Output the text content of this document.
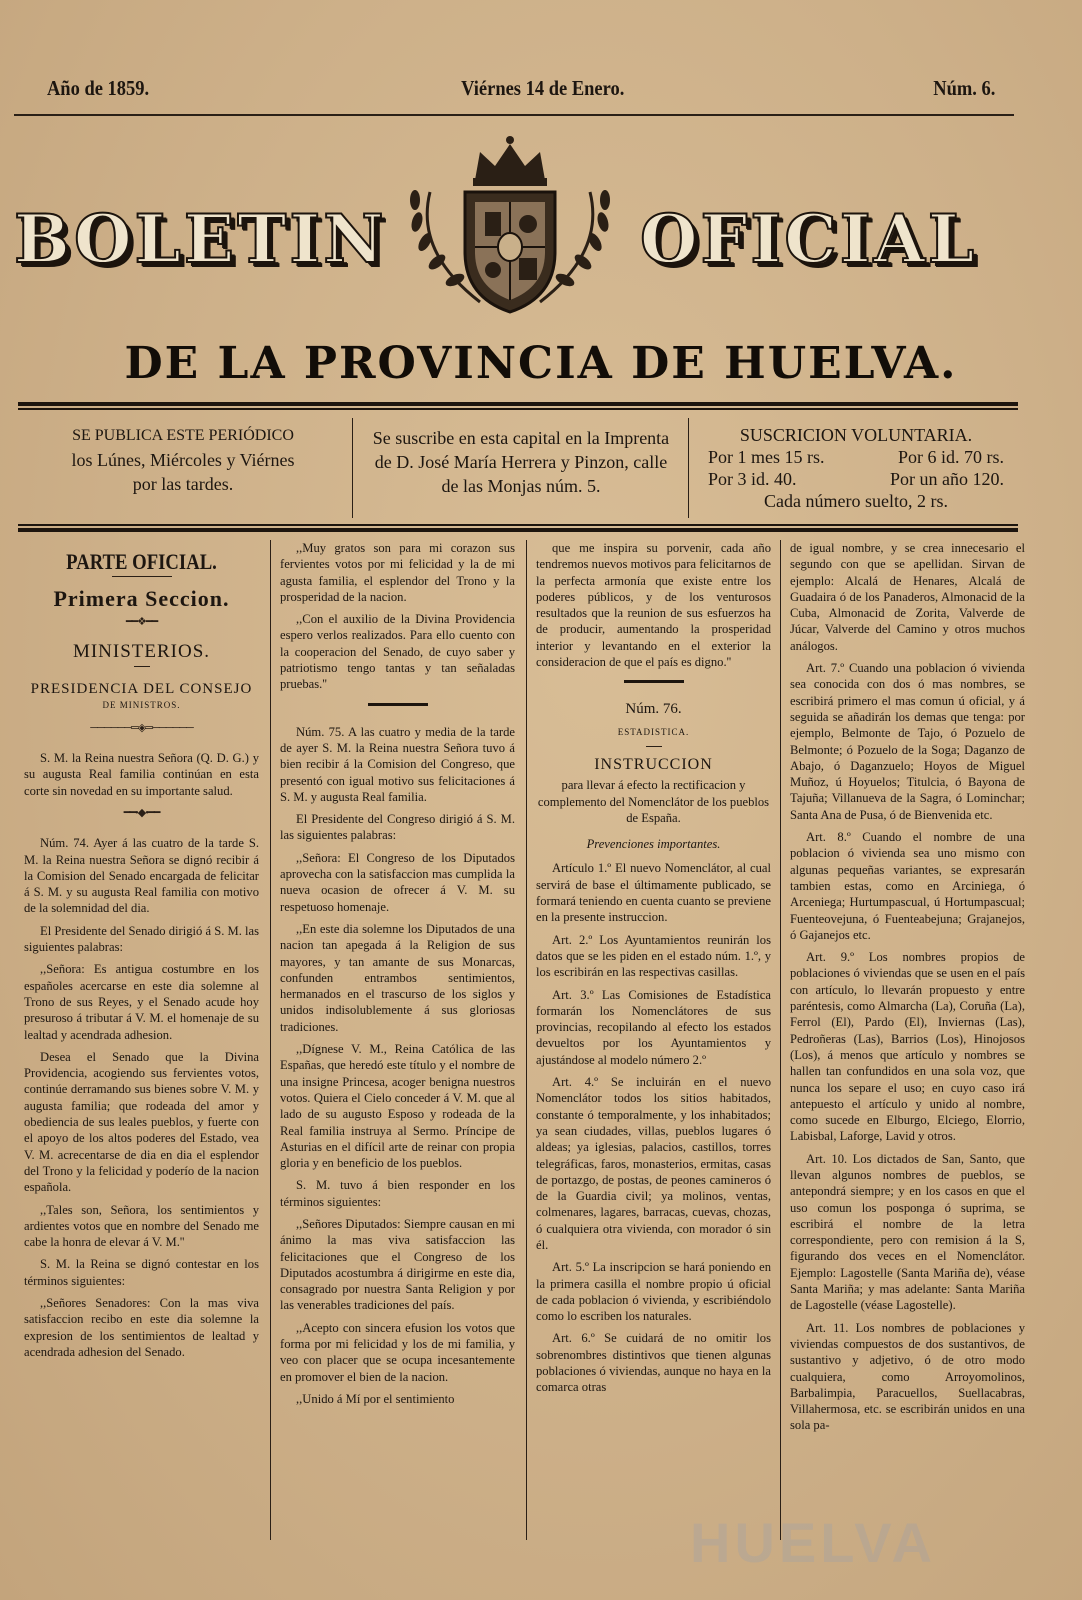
Año de 1859.	Viérnes 14 de Enero.	Núm. 6.
BOLETIN	OFICIAL
DE LA PROVINCIA DE HUELVA.
SE PUBLICA ESTE PERIÓDICO
los Lúnes, Miércoles y Viérnes
por las tardes.
Se suscribe en esta capital en la Imprenta
de D. José María Herrera y Pinzon, calle
de las Monjas núm. 5.
SUSCRICION VOLUNTARIA.
Por 1 mes 15 rs.	Por 6 id. 70 rs.
Por 3 id. 40.	Por un año 120.
Cada número suelto, 2 rs.
PARTE OFICIAL.
Primera Seccion.
━━❖━━
MINISTERIOS.
PRESIDENCIA DEL CONSEJO
DE MINISTROS.
──────═◈═──────

S. M. la Reina nuestra Señora (Q. D. G.) y su augusta Real familia continúan en esta corte sin novedad en su importante salud.

━━•◆•━━

Núm. 74. Ayer á las cuatro de la tarde S. M. la Reina nuestra Señora se dignó recibir á la Comision del Senado encargada de felicitar á S. M. y su augusta Real familia con motivo de la solemnidad del dia.

El Presidente del Senado dirigió á S. M. las siguientes palabras:

,,Señora: Es antigua costumbre en los españoles acercarse en este dia solemne al Trono de sus Reyes, y el Senado acude hoy presuroso á tributar á V. M. el homenaje de su lealtad y acendrada adhesion.

Desea el Senado que la Divina Providencia, acogiendo sus fervientes votos, continúe derramando sus bienes sobre V. M. y augusta familia; que rodeada del amor y obediencia de sus leales pueblos, y fuerte con el apoyo de los altos poderes del Estado, vea V. M. acrecentarse de dia en dia el esplendor del Trono y la felicidad y poderío de la nacion española.

,,Tales son, Señora, los sentimientos y ardientes votos que en nombre del Senado me cabe la honra de elevar á V. M.''

S. M. la Reina se dignó contestar en los términos siguientes:

,,Señores Senadores: Con la mas viva satisfaccion recibo en este dia solemne la expresion de los sentimientos de lealtad y acendrada adhesion del Senado.

,,Muy gratos son para mi corazon sus fervientes votos por mi felicidad y la de mi agusta familia, el esplendor del Trono y la prosperidad de la nacion.

,,Con el auxilio de la Divina Providencia espero verlos realizados. Para ello cuento con la cooperacion del Senado, de cuyo saber y patriotismo tengo tantas y tan señaladas pruebas.''

Núm. 75. A las cuatro y media de la tarde de ayer S. M. la Reina nuestra Señora tuvo á bien recibir á la Comision del Congreso, que presentó con igual motivo sus felicitaciones á S. M. y augusta Real familia.

El Presidente del Congreso dirigió á S. M. las siguientes palabras:

,,Señora: El Congreso de los Diputados aprovecha con la satisfaccion mas cumplida la nueva ocasion de ofrecer á V. M. su respetuoso homenaje.

,,En este dia solemne los Diputados de una nacion tan apegada á la Religion de sus mayores, y tan amante de sus Monarcas, confunden entrambos sentimientos, hermanados en el trascurso de los siglos y unidos indisolublemente á sus gloriosas tradiciones.

,,Dígnese V. M., Reina Católica de las Españas, que heredó este título y el nombre de una insigne Princesa, acoger benigna nuestros votos. Quiera el Cielo conceder á V. M. que al lado de su augusto Esposo y rodeada de la Real familia instruya al Sermo. Príncipe de Asturias en el difícil arte de reinar con propia gloria y en beneficio de los pueblos.

S. M. tuvo á bien responder en los términos siguientes:

,,Señores Diputados: Siempre causan en mi ánimo la mas viva satisfaccion las felicitaciones que el Congreso de los Diputados acostumbra á dirigirme en este dia, consagrado por nuestra Santa Religion y por las venerables tradiciones del país.

,,Acepto con sincera efusion los votos que forma por mi felicidad y los de mi familia, y veo con placer que se ocupa incesantemente en promover el bien de la nacion.

,,Unido á Mí por el sentimiento

que me inspira su porvenir, cada año tendremos nuevos motivos para felicitarnos de la perfecta armonía que existe entre los poderes públicos, y de los venturosos resultados que la reunion de sus esfuerzos ha de producir, aumentando la prosperidad interior y levantando en el exterior la consideracion de que el país es digno.''

Núm. 76.
ESTADISTICA.
INSTRUCCION

para llevar á efecto la rectificacion y complemento del Nomenclátor de los pueblos de España.

Prevenciones importantes.

Artículo 1.º El nuevo Nomenclátor, al cual servirá de base el últimamente publicado, se formará teniendo en cuenta cuanto se previene en la presente instruccion.

Art. 2.º Los Ayuntamientos reunirán los datos que se les piden en el estado núm. 1.º, y los escribirán en las respectivas casillas.

Art. 3.º Las Comisiones de Estadística formarán los Nomenclátores de sus provincias, recopilando al efecto los estados devueltos por los Ayuntamientos y ajustándose al modelo número 2.º

Art. 4.º Se incluirán en el nuevo Nomenclátor todos los sitios habitados, constante ó temporalmente, y los inhabitados; ya sean ciudades, villas, pueblos lugares ó aldeas; ya iglesias, palacios, castillos, torres telegráficas, faros, monasterios, ermitas, casas de portazgo, de postas, de peones camineros ó de la Guardia civil; ya molinos, ventas, colmenares, lagares, barracas, cuevas, chozas, ó cualquiera otra vivienda, con morador ó sin él.

Art. 5.º La inscripcion se hará poniendo en la primera casilla el nombre propio ú oficial de cada poblacion ó vivienda, y escribiéndolo como lo escriben los naturales.

Art. 6.º Se cuidará de no omitir los sobrenombres distintivos que tienen algunas poblaciones ó viviendas, aunque no haya en la comarca otras

de igual nombre, y se crea innecesario el segundo con que se apellidan. Sirvan de ejemplo: Alcalá de Henares, Alcalá de Guadaira ó de los Panaderos, Almonacid de la Cuba, Almonacid de Zorita, Valverde de Júcar, Valverde del Camino y otros muchos análogos.

Art. 7.º Cuando una poblacion ó vivienda sea conocida con dos ó mas nombres, se escribirá primero el mas comun ú oficial, y á seguida se añadirán los demas que tenga: por ejemplo, Belmonte de Tajo, ó Pozuelo de Belmonte; ó Pozuelo de la Soga; Daganzo de Abajo, ó Daganzuelo; Hoyos de Miguel Muñoz, ú Hoyuelos; Titulcia, ó Bayona de Tajuña; Villanueva de la Sagra, ó Lominchar; Santa Ana de Pusa, ó de Bienvenida etc.

Art. 8.º Cuando el nombre de una poblacion ó vivienda sea uno mismo con algunas pequeñas variantes, se expresarán tambien estas, como en Arciniega, ó Arceniega; Hurtumpascual, ú Hortumpascual; Fuenteovejuna, ó Fuenteabejuna; Grajanejos, ó Gajanejos etc.

Art. 9.º Los nombres propios de poblaciones ó viviendas que se usen en el país con artículo, lo llevarán propuesto y entre paréntesis, como Almarcha (La), Coruña (La), Ferrol (El), Pardo (El), Inviernas (Las), Pedroñeras (Las), Barrios (Los), Hinojosos (Los), á menos que artículo y nombres se hallen tan confundidos en una sola voz, que nunca los separe el uso; en cuyo caso irá antepuesto el artículo y unido al nombre, como sucede en Elburgo, Elciego, Elorrio, Labisbal, Laforge, Lavid y otros.

Art. 10. Los dictados de San, Santo, que llevan algunos nombres de pueblos, se antepondrá siempre; y en los casos en que el uso comun los posponga ó suprima, se escribirá el nombre de la letra correspondiente, pero con remision á la S, figurando dos veces en el Nomenclátor. Ejemplo: Lagostelle (Santa Mariña de), véase Santa Mariña; y mas adelante: Santa Mariña de Lagostelle (véase Lagostelle).

Art. 11. Los nombres de poblaciones y viviendas compuestos de dos sustantivos, de sustantivo y adjetivo, ó de otro modo cualquiera, como Arroyomolinos, Barbalimpia, Paracuellos, Suellacabras, Villahermosa, etc. se escribirán unidos en una sola pa-

HUELVA
